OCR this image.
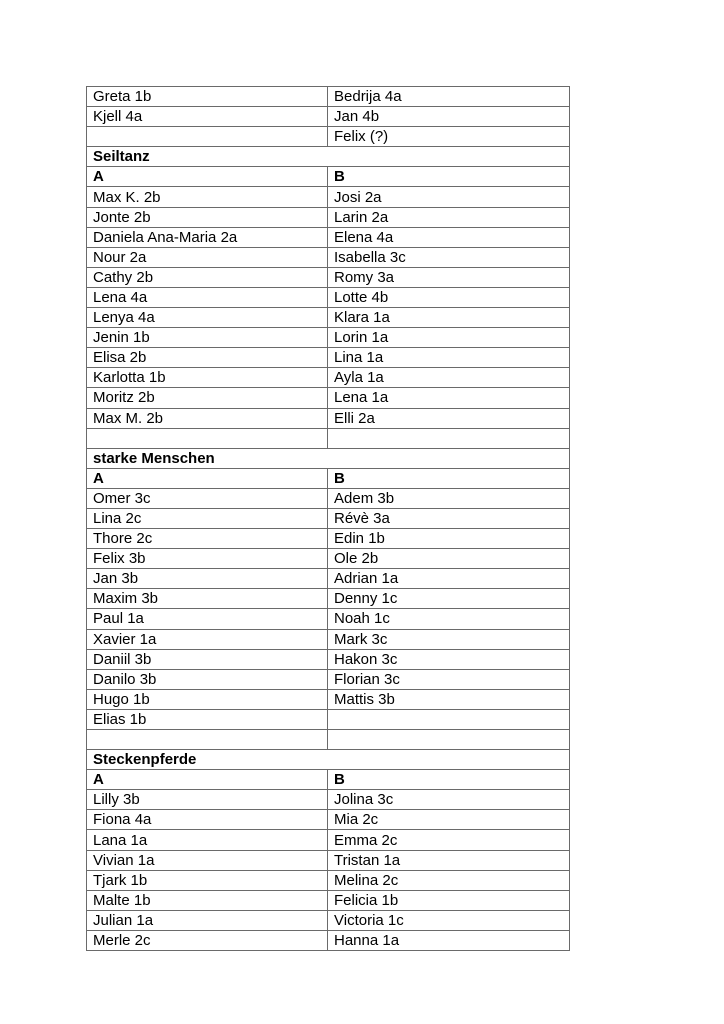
Greta 1b	Bedrija 4a
Kjell 4a	Jan 4b
	Felix (?)
Seiltanz	
A	B
Max K. 2b	Josi 2a
Jonte 2b	Larin 2a
Daniela Ana-Maria 2a	Elena 4a
Nour 2a	Isabella 3c
Cathy 2b	Romy 3a
Lena 4a	Lotte 4b
Lenya 4a	Klara 1a
Jenin 1b	Lorin 1a
Elisa 2b	Lina 1a
Karlotta 1b	Ayla 1a
Moritz 2b	Lena 1a
Max M. 2b	Elli 2a

starke Menschen	
A	B
Omer 3c	Adem 3b
Lina 2c	Révè 3a
Thore 2c	Edin 1b
Felix 3b	Ole 2b
Jan 3b	Adrian 1a
Maxim 3b	Denny 1c
Paul 1a	Noah 1c
Xavier 1a	Mark 3c
Daniil 3b	Hakon 3c
Danilo 3b	Florian 3c
Hugo 1b	Mattis 3b
Elias 1b	

Steckenpferde	
A	B
Lilly 3b	Jolina 3c
Fiona 4a	Mia 2c
Lana 1a	Emma 2c
Vivian 1a	Tristan 1a
Tjark 1b	Melina 2c
Malte 1b	Felicia 1b
Julian 1a	Victoria 1c
Merle 2c	Hanna 1a
